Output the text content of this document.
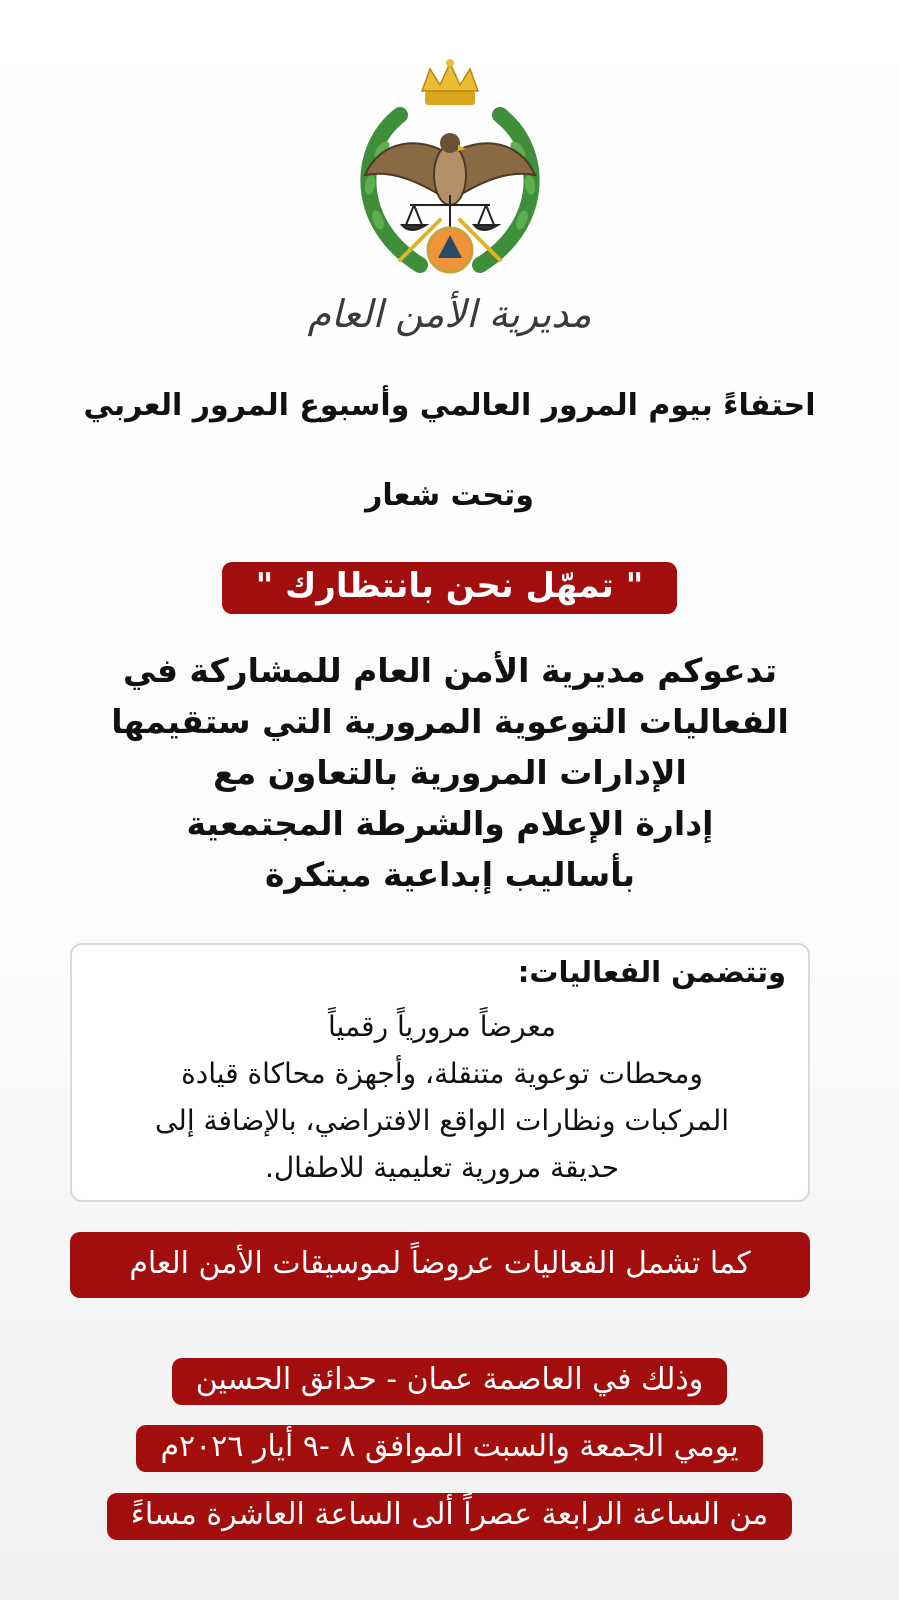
مديرية الأمن العام
احتفاءً بيوم المرور العالمي وأسبوع المرور العربي
وتحت شعار
" تمهّل نحن بانتظارك "
تدعوكم مديرية الأمن العام للمشاركة في
الفعاليات التوعوية المرورية التي ستقيمها
الإدارات المرورية بالتعاون مع
إدارة الإعلام والشرطة المجتمعية
بأساليب إبداعية مبتكرة
وتتضمن الفعاليات:
معرضاً مرورياً رقمياً
ومحطات توعوية متنقلة، وأجهزة محاكاة قيادة
المركبات ونظارات الواقع الافتراضي، بالإضافة إلى
حديقة مرورية تعليمية للاطفال.
كما تشمل الفعاليات عروضاً لموسيقات الأمن العام
وذلك في العاصمة عمان - حدائق الحسين
يومي الجمعة والسبت الموافق ٨ -٩ أيار ٢٠٢٦م
من الساعة الرابعة عصراً ألى الساعة العاشرة مساءً
